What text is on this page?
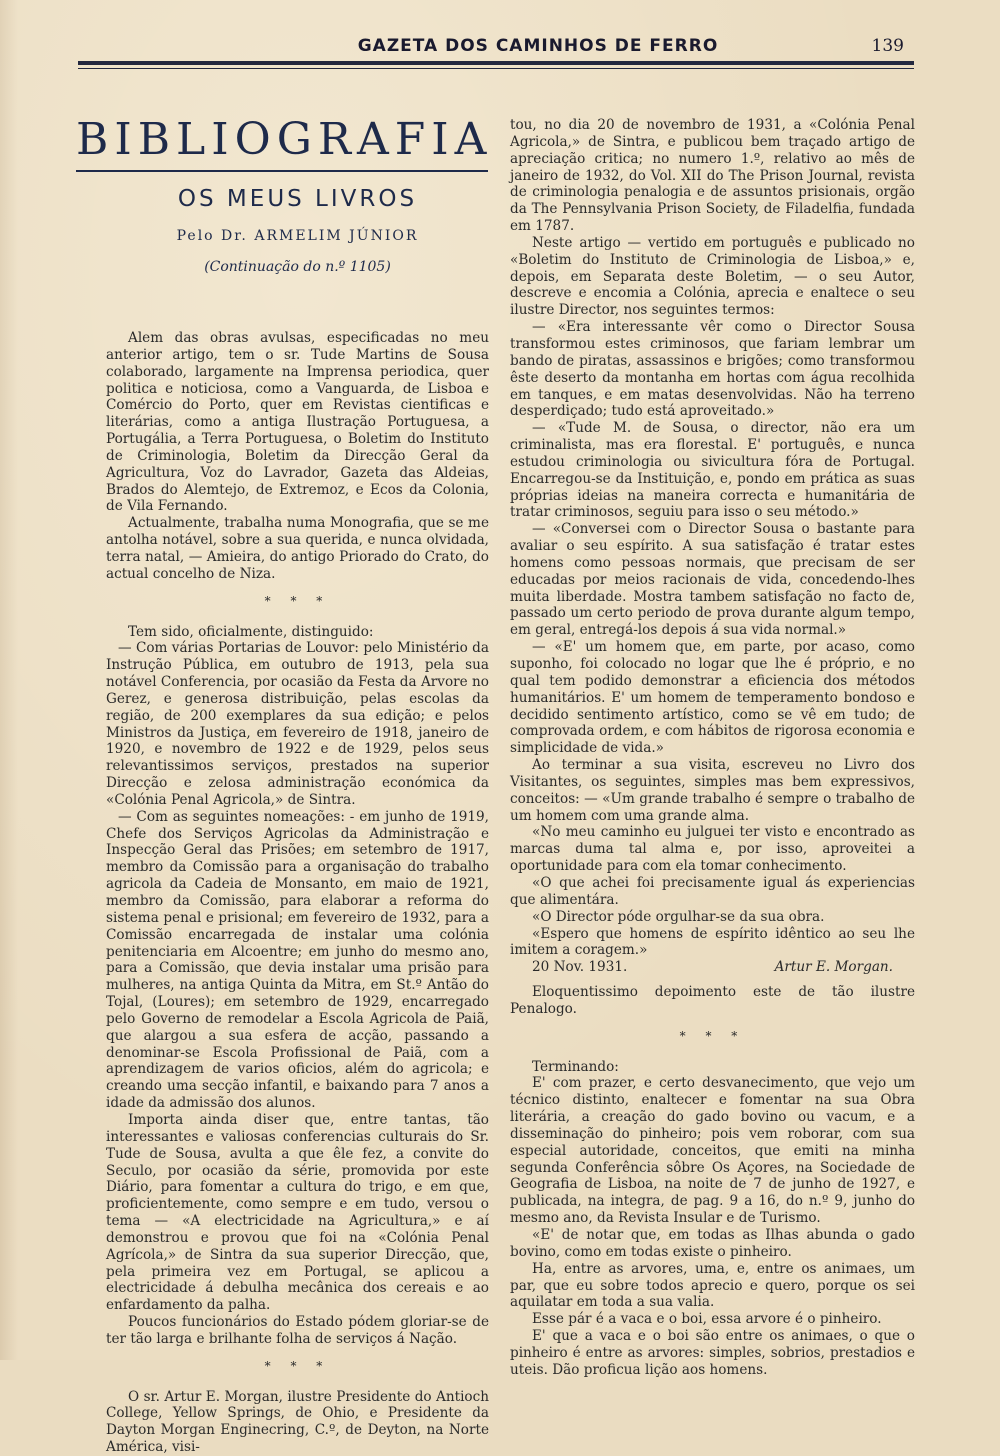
GAZETA DOS CAMINHOS DE FERRO	139
BIBLIOGRAFIA
OS MEUS LIVROS
Pelo Dr. ARMELIM JÚNIOR
(Continuação do n.º 1105)

Alem das obras avulsas, especificadas no meu anterior artigo, tem o sr. Tude Martins de Sousa colaborado, largamente na Imprensa periodica, quer politica e noticiosa, como a Vanguarda, de Lisboa e Comércio do Porto, quer em Revistas cientificas e literárias, como a antiga Ilustração Portuguesa, a Portugália, a Terra Portuguesa, o Boletim do Instituto de Criminologia, Boletim da Direcção Geral da Agricultura, Voz do Lavrador, Gazeta das Aldeias, Brados do Alemtejo, de Extremoz, e Ecos da Colonia, de Vila Fernando.

Actualmente, trabalha numa Monografia, que se me antolha notável, sobre a sua querida, e nunca olvidada, terra natal, — Amieira, do antigo Priorado do Crato, do actual concelho de Niza.

* * *

Tem sido, oficialmente, distinguido:

— Com várias Portarias de Louvor: pelo Ministério da Instrução Pública, em outubro de 1913, pela sua notável Conferencia, por ocasião da Festa da Arvore no Gerez, e generosa distribuição, pelas escolas da região, de 200 exemplares da sua edição; e pelos Ministros da Justiça, em fevereiro de 1918, janeiro de 1920, e novembro de 1922 e de 1929, pelos seus relevantissimos serviços, prestados na superior Direcção e zelosa administração económica da «Colónia Penal Agricola,» de Sintra.

— Com as seguintes nomeações: - em junho de 1919, Chefe dos Serviços Agricolas da Administração e Inspecção Geral das Prisões; em setembro de 1917, membro da Comissão para a organisação do trabalho agricola da Cadeia de Monsanto, em maio de 1921, membro da Comissão, para elaborar a reforma do sistema penal e prisional; em fevereiro de 1932, para a Comissão encarregada de instalar uma colónia penitenciaria em Alcoentre; em junho do mesmo ano, para a Comissão, que devia instalar uma prisão para mulheres, na antiga Quinta da Mitra, em St.º Antão do Tojal, (Loures); em setembro de 1929, encarregado pelo Governo de remodelar a Escola Agricola de Paiã, que alargou a sua esfera de acção, passando a denominar-se Escola Profissional de Paiã, com a aprendizagem de varios oficios, além do agricola; e creando uma secção infantil, e baixando para 7 anos a idade da admissão dos alunos.

Importa ainda diser que, entre tantas, tão interessantes e valiosas conferencias culturais do Sr. Tude de Sousa, avulta a que êle fez, a convite do Seculo, por ocasião da série, promovida por este Diário, para fomentar a cultura do trigo, e em que, proficientemente, como sempre e em tudo, versou o tema — «A electricidade na Agricultura,» e aí demonstrou e provou que foi na «Colónia Penal Agrícola,» de Sintra da sua superior Direcção, que, pela primeira vez em Portugal, se aplicou a electricidade á debulha mecânica dos cereais e ao enfardamento da palha.

Poucos funcionários do Estado pódem gloriar-se de ter tão larga e brilhante folha de serviços á Nação.

* * *

O sr. Artur E. Morgan, ilustre Presidente do Antioch College, Yellow Springs, de Ohio, e Presidente da Dayton Morgan Enginecring, C.º, de Deyton, na Norte América, visi-

tou, no dia 20 de novembro de 1931, a «Colónia Penal Agricola,» de Sintra, e publicou bem traçado artigo de apreciação critica; no numero 1.º, relativo ao mês de janeiro de 1932, do Vol. XII do The Prison Journal, revista de criminologia penalogia e de assuntos prisionais, orgão da The Pennsylvania Prison Society, de Filadelfia, fundada em 1787.

Neste artigo — vertido em português e publicado no «Boletim do Instituto de Criminologia de Lisboa,» e, depois, em Separata deste Boletim, — o seu Autor, descreve e encomia a Colónia, aprecia e enaltece o seu ilustre Director, nos seguintes termos:

— «Era interessante vêr como o Director Sousa transformou estes criminosos, que fariam lembrar um bando de piratas, assassinos e brigões; como transformou êste deserto da montanha em hortas com água recolhida em tanques, e em matas desenvolvidas. Não ha terreno desperdiçado; tudo está aproveitado.»

— «Tude M. de Sousa, o director, não era um criminalista, mas era florestal. E' português, e nunca estudou criminologia ou sivicultura fóra de Portugal. Encarregou-se da Instituição, e, pondo em prática as suas próprias ideias na maneira correcta e humanitária de tratar criminosos, seguiu para isso o seu método.»

— «Conversei com o Director Sousa o bastante para avaliar o seu espírito. A sua satisfação é tratar estes homens como pessoas normais, que precisam de ser educadas por meios racionais de vida, concedendo-lhes muita liberdade. Mostra tambem satisfação no facto de, passado um certo periodo de prova durante algum tempo, em geral, entregá-los depois á sua vida normal.»

— «E' um homem que, em parte, por acaso, como suponho, foi colocado no logar que lhe é próprio, e no qual tem podido demonstrar a eficiencia dos métodos humanitários. E' um homem de temperamento bondoso e decidido sentimento artístico, como se vê em tudo; de comprovada ordem, e com hábitos de rigorosa economia e simplicidade de vida.»

Ao terminar a sua visita, escreveu no Livro dos Visitantes, os seguintes, simples mas bem expressivos, conceitos: — «Um grande trabalho é sempre o trabalho de um homem com uma grande alma.

«No meu caminho eu julguei ter visto e encontrado as marcas duma tal alma e, por isso, aproveitei a oportunidade para com ela tomar conhecimento.

«O que achei foi precisamente igual ás experiencias que alimentára.

«O Director póde orgulhar-se da sua obra.

«Espero que homens de espírito idêntico ao seu lhe imitem a coragem.»

20 Nov. 1931.	Artur E. Morgan.

Eloquentissimo depoimento este de tão ilustre Penalogo.

* * *

Terminando:

E' com prazer, e certo desvanecimento, que vejo um técnico distinto, enaltecer e fomentar na sua Obra literária, a creação do gado bovino ou vacum, e a disseminação do pinheiro; pois vem roborar, com sua especial autoridade, conceitos, que emiti na minha segunda Conferência sôbre Os Açores, na Sociedade de Geografia de Lisboa, na noite de 7 de junho de 1927, e publicada, na integra, de pag. 9 a 16, do n.º 9, junho do mesmo ano, da Revista Insular e de Turismo.

«E' de notar que, em todas as Ilhas abunda o gado bovino, como em todas existe o pinheiro.

Ha, entre as arvores, uma, e, entre os animaes, um par, que eu sobre todos aprecio e quero, porque os sei aquilatar em toda a sua valia.

Esse pár é a vaca e o boi, essa arvore é o pinheiro.

E' que a vaca e o boi são entre os animaes, o que o pinheiro é entre as arvores: simples, sobrios, prestadios e uteis. Dão proficua lição aos homens.
